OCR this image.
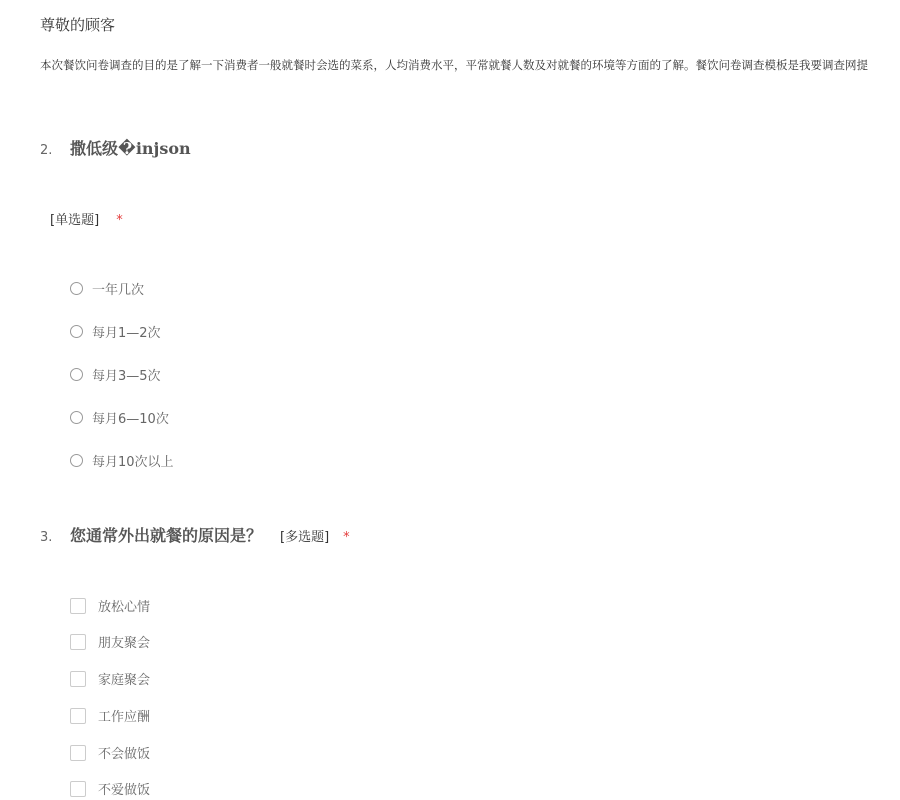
尊敬的顾客
本次餐饮问卷调查的目的是了解一下消费者一般就餐时会选的菜系，人均消费水平，平常就餐人数及对就餐的环境等方面的了解。餐饮问卷调查模板是我要调查网提
2.	撒低级�injson
[单选题] *
一年几次
每月1—2次
每月3—5次
每月6—10次
每月10次以上
3.	您通常外出就餐的原因是？ [多选题] *
放松心情
朋友聚会
家庭聚会
工作应酬
不会做饭
不爱做饭
